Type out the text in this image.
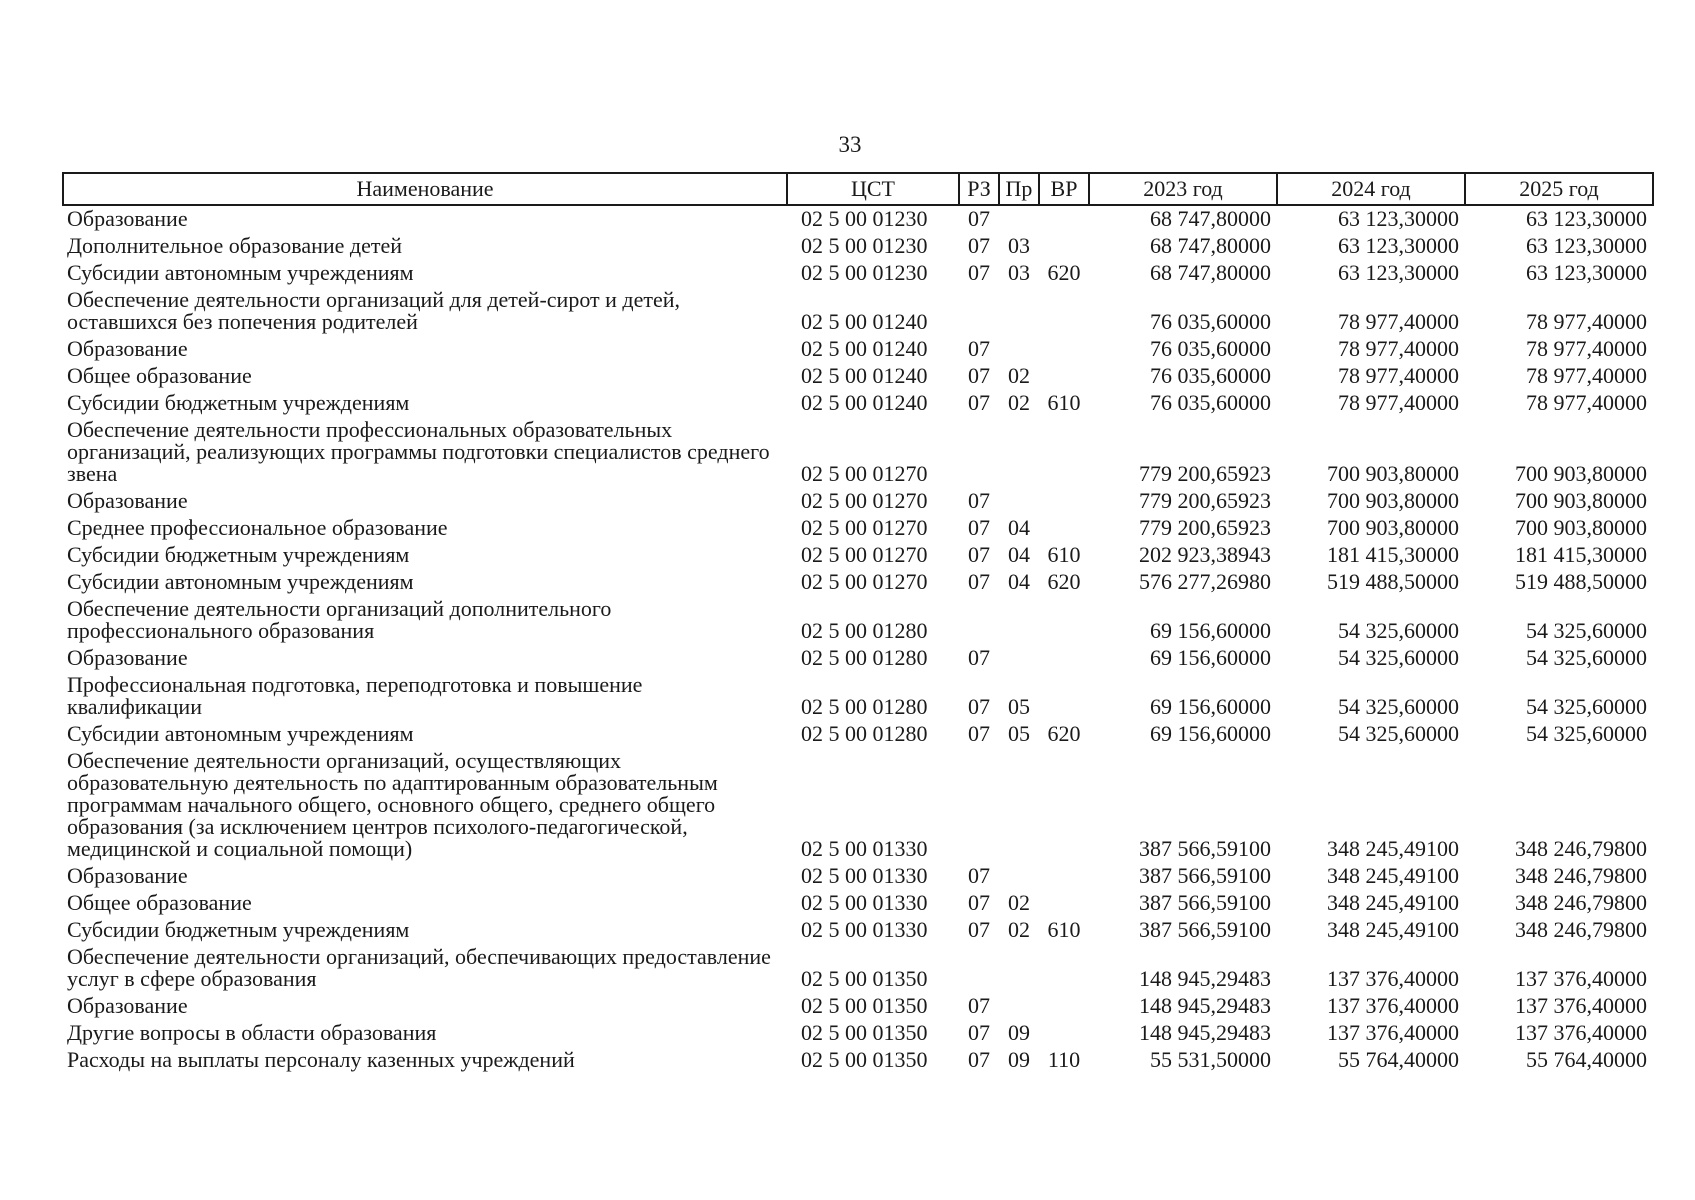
33
Наименование	ЦСТ	РЗ	Пр	ВР	2023 год	2024 год	2025 год
Образование	02 5 00 01230	07			68 747,80000	63 123,30000	63 123,30000
Дополнительное образование детей	02 5 00 01230	07	03		68 747,80000	63 123,30000	63 123,30000
Субсидии автономным учреждениям	02 5 00 01230	07	03	620	68 747,80000	63 123,30000	63 123,30000
Обеспечение деятельности организаций для детей-сирот и детей, оставшихся без попечения родителей	02 5 00 01240				76 035,60000	78 977,40000	78 977,40000
Образование	02 5 00 01240	07			76 035,60000	78 977,40000	78 977,40000
Общее образование	02 5 00 01240	07	02		76 035,60000	78 977,40000	78 977,40000
Субсидии бюджетным учреждениям	02 5 00 01240	07	02	610	76 035,60000	78 977,40000	78 977,40000
Обеспечение деятельности профессиональных образовательных организаций, реализующих программы подготовки специалистов среднего звена	02 5 00 01270				779 200,65923	700 903,80000	700 903,80000
Образование	02 5 00 01270	07			779 200,65923	700 903,80000	700 903,80000
Среднее профессиональное образование	02 5 00 01270	07	04		779 200,65923	700 903,80000	700 903,80000
Субсидии бюджетным учреждениям	02 5 00 01270	07	04	610	202 923,38943	181 415,30000	181 415,30000
Субсидии автономным учреждениям	02 5 00 01270	07	04	620	576 277,26980	519 488,50000	519 488,50000
Обеспечение деятельности организаций дополнительного профессионального образования	02 5 00 01280				69 156,60000	54 325,60000	54 325,60000
Образование	02 5 00 01280	07			69 156,60000	54 325,60000	54 325,60000
Профессиональная подготовка, переподготовка и повышение квалификации	02 5 00 01280	07	05		69 156,60000	54 325,60000	54 325,60000
Субсидии автономным учреждениям	02 5 00 01280	07	05	620	69 156,60000	54 325,60000	54 325,60000
Обеспечение деятельности организаций, осуществляющих образовательную деятельность по адаптированным образовательным программам начального общего, основного общего, среднего общего образования (за исключением центров психолого-педагогической, медицинской и социальной помощи)	02 5 00 01330				387 566,59100	348 245,49100	348 246,79800
Образование	02 5 00 01330	07			387 566,59100	348 245,49100	348 246,79800
Общее образование	02 5 00 01330	07	02		387 566,59100	348 245,49100	348 246,79800
Субсидии бюджетным учреждениям	02 5 00 01330	07	02	610	387 566,59100	348 245,49100	348 246,79800
Обеспечение деятельности организаций, обеспечивающих предоставление услуг в сфере образования	02 5 00 01350				148 945,29483	137 376,40000	137 376,40000
Образование	02 5 00 01350	07			148 945,29483	137 376,40000	137 376,40000
Другие вопросы в области образования	02 5 00 01350	07	09		148 945,29483	137 376,40000	137 376,40000
Расходы на выплаты персоналу казенных учреждений	02 5 00 01350	07	09	110	55 531,50000	55 764,40000	55 764,40000
